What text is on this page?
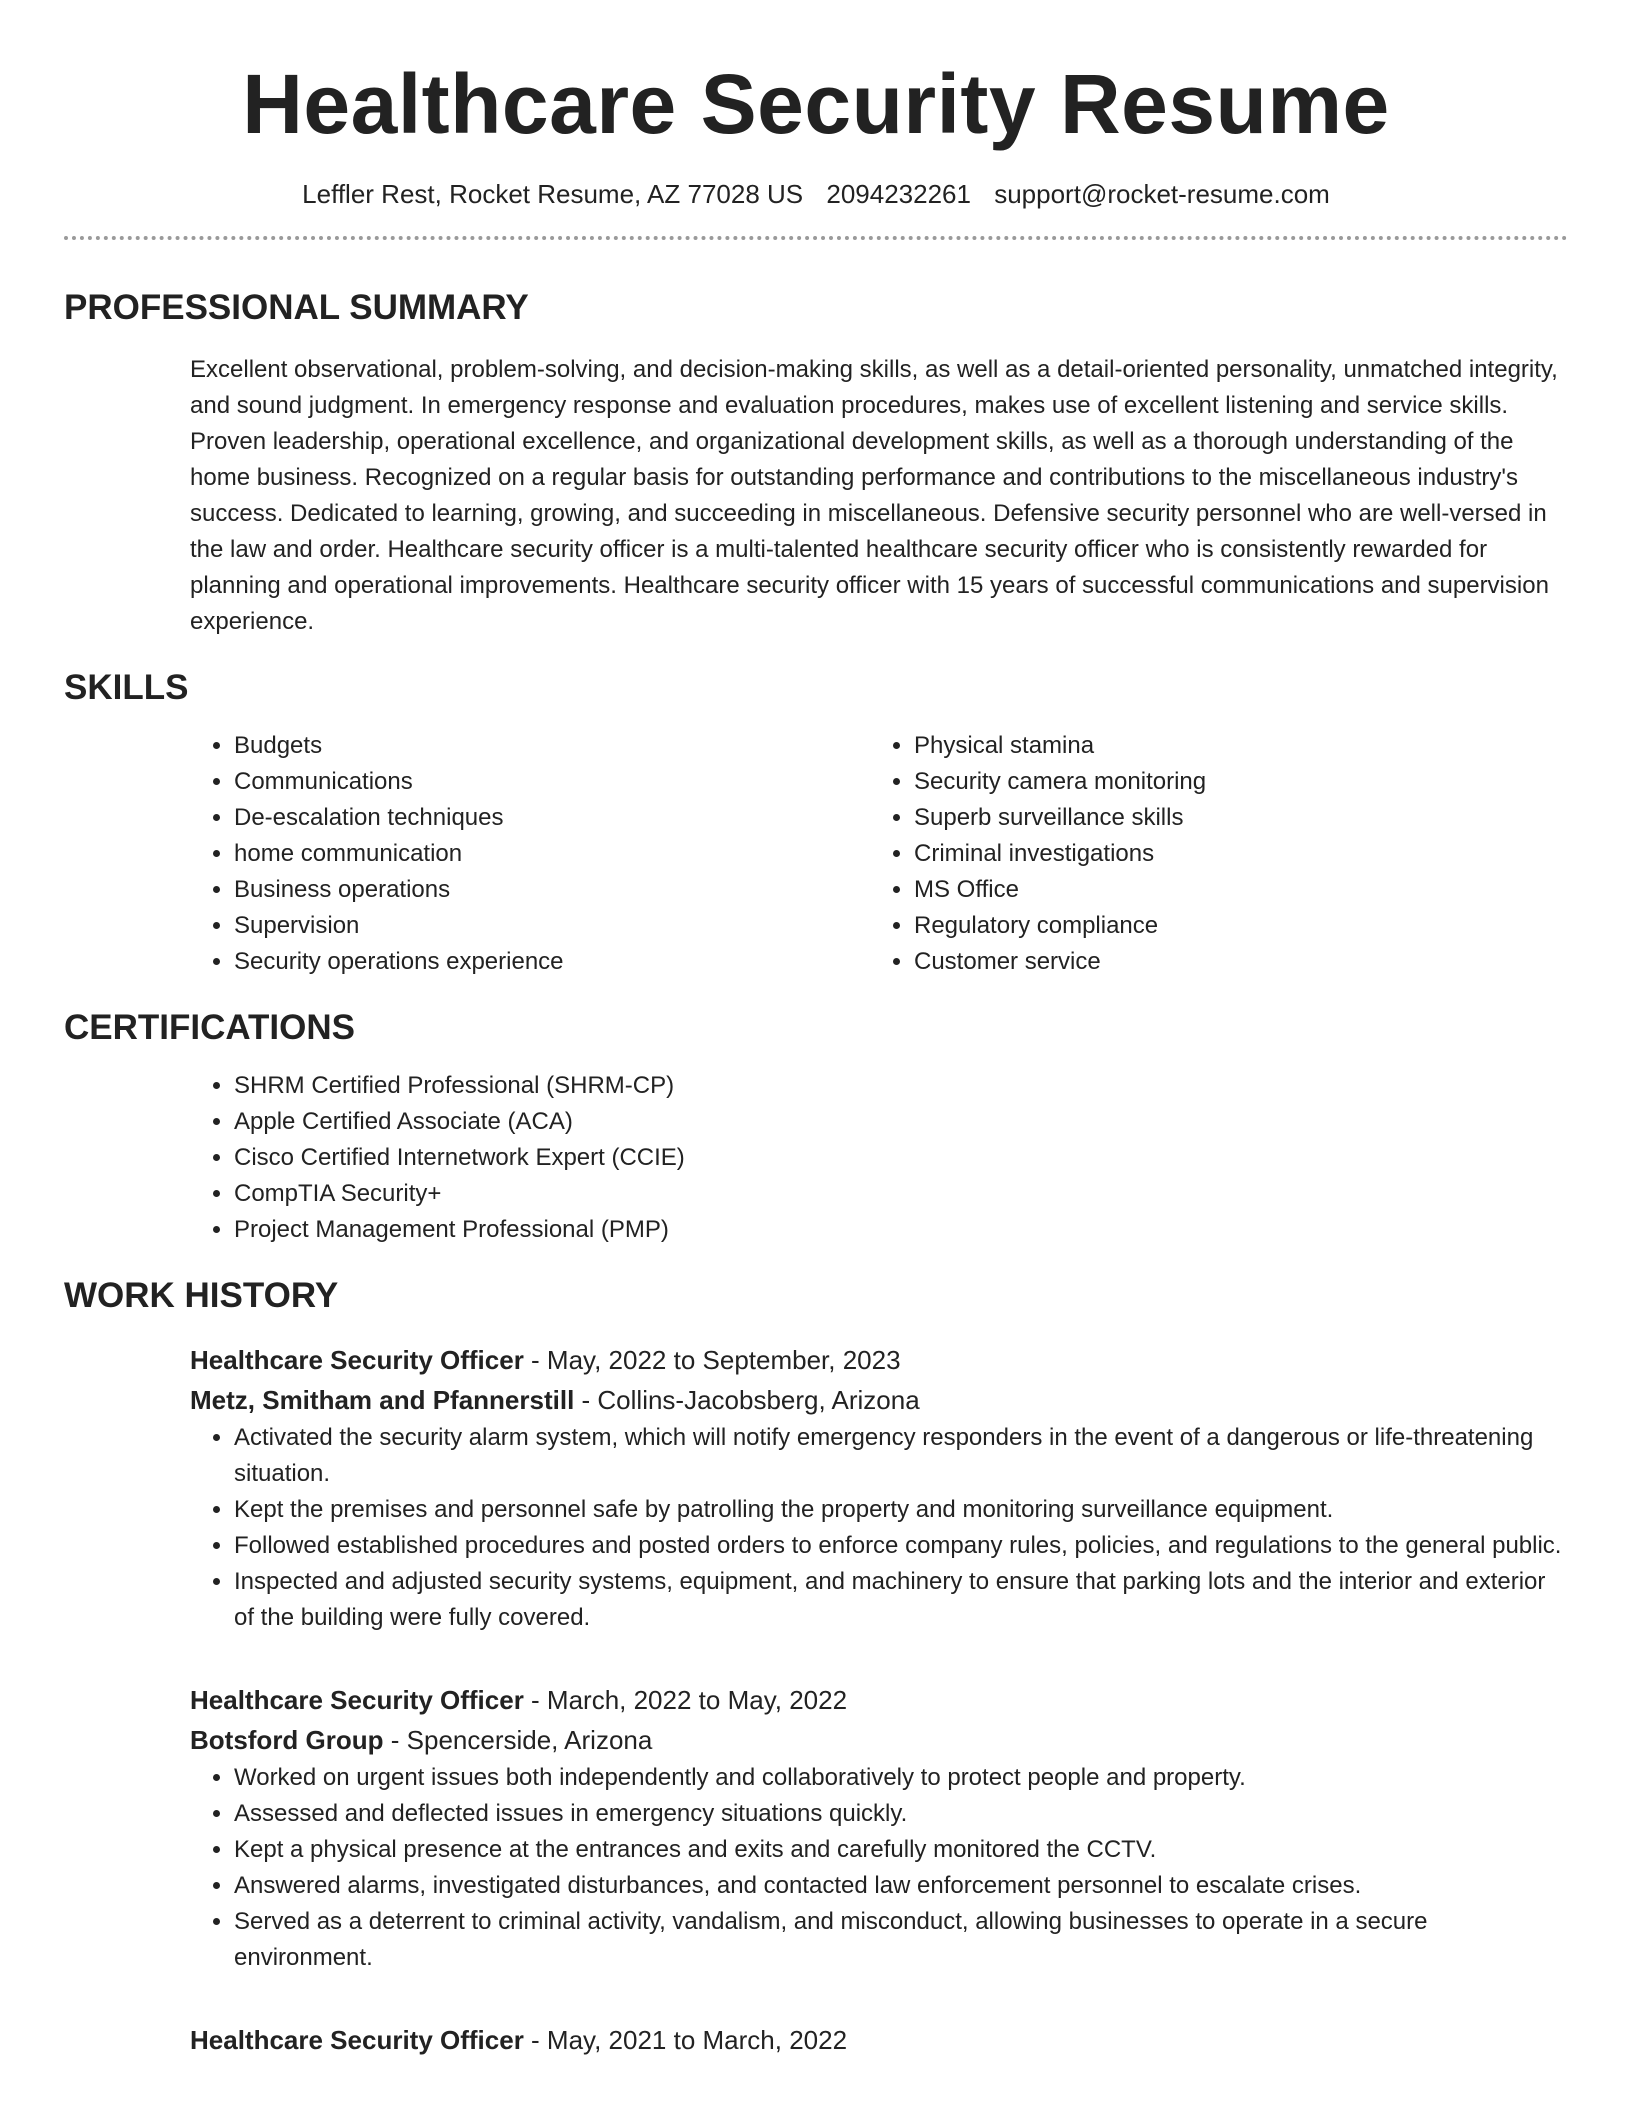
Healthcare Security Resume
Leffler Rest, Rocket Resume, AZ 77028 US 2094232261 support@rocket-resume.com
PROFESSIONAL SUMMARY

Excellent observational, problem-solving, and decision-making skills, as well as a detail-oriented personality, unmatched integrity, and sound judgment. In emergency response and evaluation procedures, makes use of excellent listening and service skills. Proven leadership, operational excellence, and organizational development skills, as well as a thorough understanding of the home business. Recognized on a regular basis for outstanding performance and contributions to the miscellaneous industry's success. Dedicated to learning, growing, and succeeding in miscellaneous. Defensive security personnel who are well-versed in the law and order. Healthcare security officer is a multi-talented healthcare security officer who is consistently rewarded for planning and operational improvements. Healthcare security officer with 15 years of successful communications and supervision experience.

SKILLS
• Budgets
• Communications
• De-escalation techniques
• home communication
• Business operations
• Supervision
• Security operations experience
• Physical stamina
• Security camera monitoring
• Superb surveillance skills
• Criminal investigations
• MS Office
• Regulatory compliance
• Customer service
CERTIFICATIONS
• SHRM Certified Professional (SHRM-CP)
• Apple Certified Associate (ACA)
• Cisco Certified Internetwork Expert (CCIE)
• CompTIA Security+
• Project Management Professional (PMP)
WORK HISTORY
Healthcare Security Officer - May, 2022 to September, 2023
Metz, Smitham and Pfannerstill - Collins-Jacobsberg, Arizona
• Activated the security alarm system, which will notify emergency responders in the event of a dangerous or life-threatening situation.
• Kept the premises and personnel safe by patrolling the property and monitoring surveillance equipment.
• Followed established procedures and posted orders to enforce company rules, policies, and regulations to the general public.
• Inspected and adjusted security systems, equipment, and machinery to ensure that parking lots and the interior and exterior of the building were fully covered.
Healthcare Security Officer - March, 2022 to May, 2022
Botsford Group - Spencerside, Arizona
• Worked on urgent issues both independently and collaboratively to protect people and property.
• Assessed and deflected issues in emergency situations quickly.
• Kept a physical presence at the entrances and exits and carefully monitored the CCTV.
• Answered alarms, investigated disturbances, and contacted law enforcement personnel to escalate crises.
• Served as a deterrent to criminal activity, vandalism, and misconduct, allowing businesses to operate in a secure environment.
Healthcare Security Officer - May, 2021 to March, 2022
